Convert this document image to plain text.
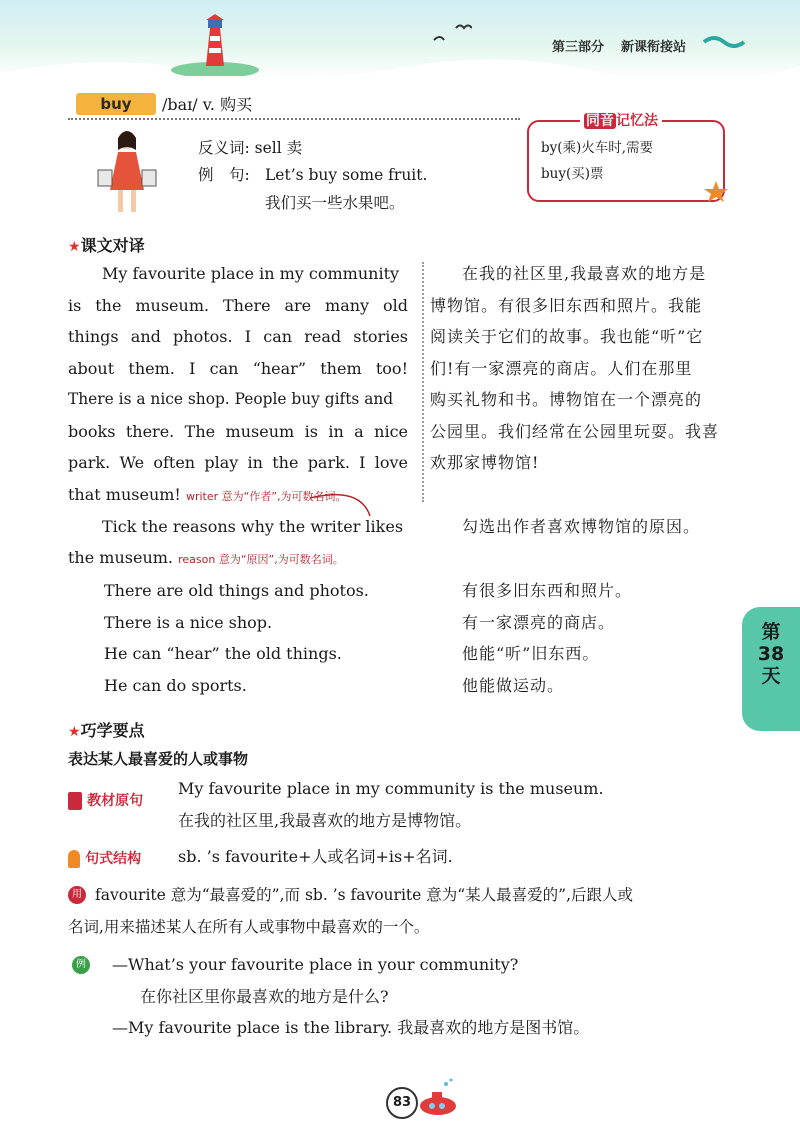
第三部分 新课衔接站
buy	/baɪ/ v. 购买
反义词: sell 卖
例　句: Let’s buy some fruit.
我们买一些水果吧。
同音 记忆法
by(乘)火车时,需要
buy(买)票
★课文对译
My favourite place in my community
is the museum. There are many old
things and photos. I can read stories
about them. I can “hear” them too!
There is a nice shop. People buy gifts and
books there. The museum is in a nice
park. We often play in the park. I love
that museum! writer 意为“作者”,为可数名词。
在我的社区里,我最喜欢的地方是
博物馆。有很多旧东西和照片。我能
阅读关于它们的故事。我也能“听”它
们!有一家漂亮的商店。人们在那里
购买礼物和书。博物馆在一个漂亮的
公园里。我们经常在公园里玩耍。我喜
欢那家博物馆!
Tick the reasons why the writer likes
the museum. reason 意为“原因”,为可数名词。
勾选出作者喜欢博物馆的原因。
There are old things and photos.
There is a nice shop.
He can “hear” the old things.
He can do sports.
有很多旧东西和照片。
有一家漂亮的商店。
他能“听”旧东西。
他能做运动。
第
38
天
★巧学要点
表达某人最喜爱的人或事物
教材原句
My favourite place in my community is the museum.
在我的社区里,我最喜欢的地方是博物馆。
句式结构 sb. ’s favourite+人或名词+is+名词.
用法
favourite 意为“最喜爱的”,而 sb. ’s favourite 意为“某人最喜爱的”,后跟人或
名词,用来描述某人在所有人或事物中最喜欢的一个。
例句
—What’s your favourite place in your community?
在你社区里你最喜欢的地方是什么?
—My favourite place is the library. 我最喜欢的地方是图书馆。
83
